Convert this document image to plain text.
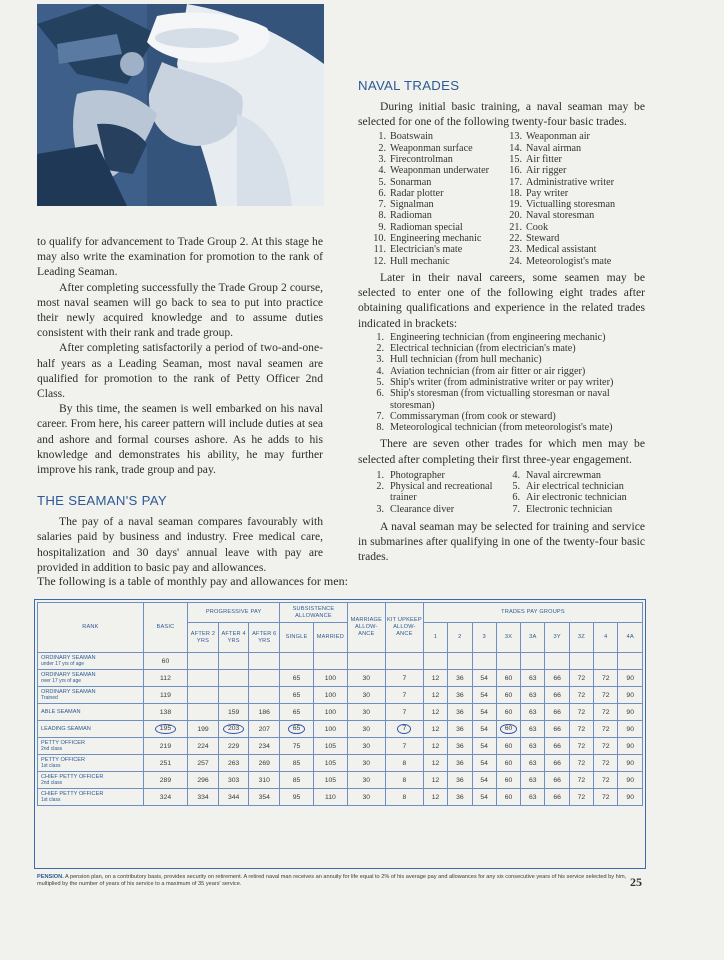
to qualify for advancement to Trade Group 2. At this stage he may also write the examination for promotion to the rank of Leading Seaman.

After completing successfully the Trade Group 2 course, most naval seamen will go back to sea to put into practice their newly acquired knowledge and to assume duties consistent with their rank and trade group.

After completing satisfactorily a period of two-and-one-half years as a Leading Seaman, most naval seamen are qualified for promotion to the rank of Petty Officer 2nd Class.

By this time, the seamen is well embarked on his naval career. From here, his career pattern will include duties at sea and ashore and formal courses ashore. As he adds to his knowledge and demonstrates his ability, he may further improve his rank, trade group and pay.

THE SEAMAN'S PAY

The pay of a naval seaman compares favourably with salaries paid by business and industry. Free medical care, hospitalization and 30 days' annual leave with pay are provided in addition to basic pay and allowances.

NAVAL TRADES

During initial basic training, a naval seaman may be selected for one of the following twenty-four basic trades.

1. Boatswain
2. Weaponman surface
3. Firecontrolman
4. Weaponman underwater
5. Sonarman
6. Radar plotter
7. Signalman
8. Radioman
9. Radioman special
10. Engineering mechanic
11. Electrician's mate
12. Hull mechanic
13. Weaponman air
14. Naval airman
15. Air fitter
16. Air rigger
17. Administrative writer
18. Pay writer
19. Victualling storesman
20. Naval storesman
21. Cook
22. Steward
23. Medical assistant
24. Meteorologist's mate

Later in their naval careers, some seamen may be selected to enter one of the following eight trades after obtaining qualifications and experience in the related trades indicated in brackets:

1. Engineering technician (from engineering mechanic)
2. Electrical technician (from electrician's mate)
3. Hull technician (from hull mechanic)
4. Aviation technician (from air fitter or air rigger)
5. Ship's writer (from administrative writer or pay writer)
6. Ship's storesman (from victualling storesman or naval storesman)
7. Commissaryman (from cook or steward)
8. Meteorological technician (from meteorologist's mate)

There are seven other trades for which men may be selected after completing their first three-year engagement.

1. Photographer
2. Physical and recreational trainer
3. Clearance diver
4. Naval aircrewman
5. Air electrical technician
6. Air electronic technician
7. Electronic technician

A naval seaman may be selected for training and service in submarines after qualifying in one of the twenty-four basic trades.

The following is a table of monthly pay and allowances for men:
RANK	BASIC	PROGRESSIVE PAY			SUBSISTENCE ALLOWANCE		MARRIAGE ALLOW- ANCE	KIT UPKEEP ALLOW- ANCE	TRADES PAY GROUPS								
		AFTER 2 YRS	AFTER 4 YRS	AFTER 6 YRS	SINGLE	MARRIED			1	2	3	3X	3A	3Y	3Z	4	4A

ORDINARY SEAMAN
under 17 yrs of age	60																

ORDINARY SEAMAN
over 17 yrs of age	112				65	100	30	7	12	36	54	60	63	66	72	72	90

ORDINARY SEAMAN
Trained	119				65	100	30	7	12	36	54	60	63	66	72	72	90

ABLE SEAMAN	138		159	186	65	100	30	7	12	36	54	60	63	66	72	72	90

LEADING SEAMAN	195	199	203	207	65	100	30	7	12	36	54	60	63	66	72	72	90

PETTY OFFICER
2nd class	219	224	229	234	75	105	30	7	12	36	54	60	63	66	72	72	90

PETTY OFFICER
1st class	251	257	263	269	85	105	30	8	12	36	54	60	63	66	72	72	90

CHIEF PETTY OFFICER
2nd class	289	296	303	310	85	105	30	8	12	36	54	60	63	66	72	72	90

CHIEF PETTY OFFICER
1st class	324	334	344	354	95	110	30	8	12	36	54	60	63	66	72	72	90
PENSION. A pension plan, on a contributory basis, provides security on retirement. A retired naval man receives an annuity for life equal to 2% of his average pay and allowances for any six consecutive years of his service selected by him, multiplied by the number of years of his service to a maximum of 35 years' service.	25
